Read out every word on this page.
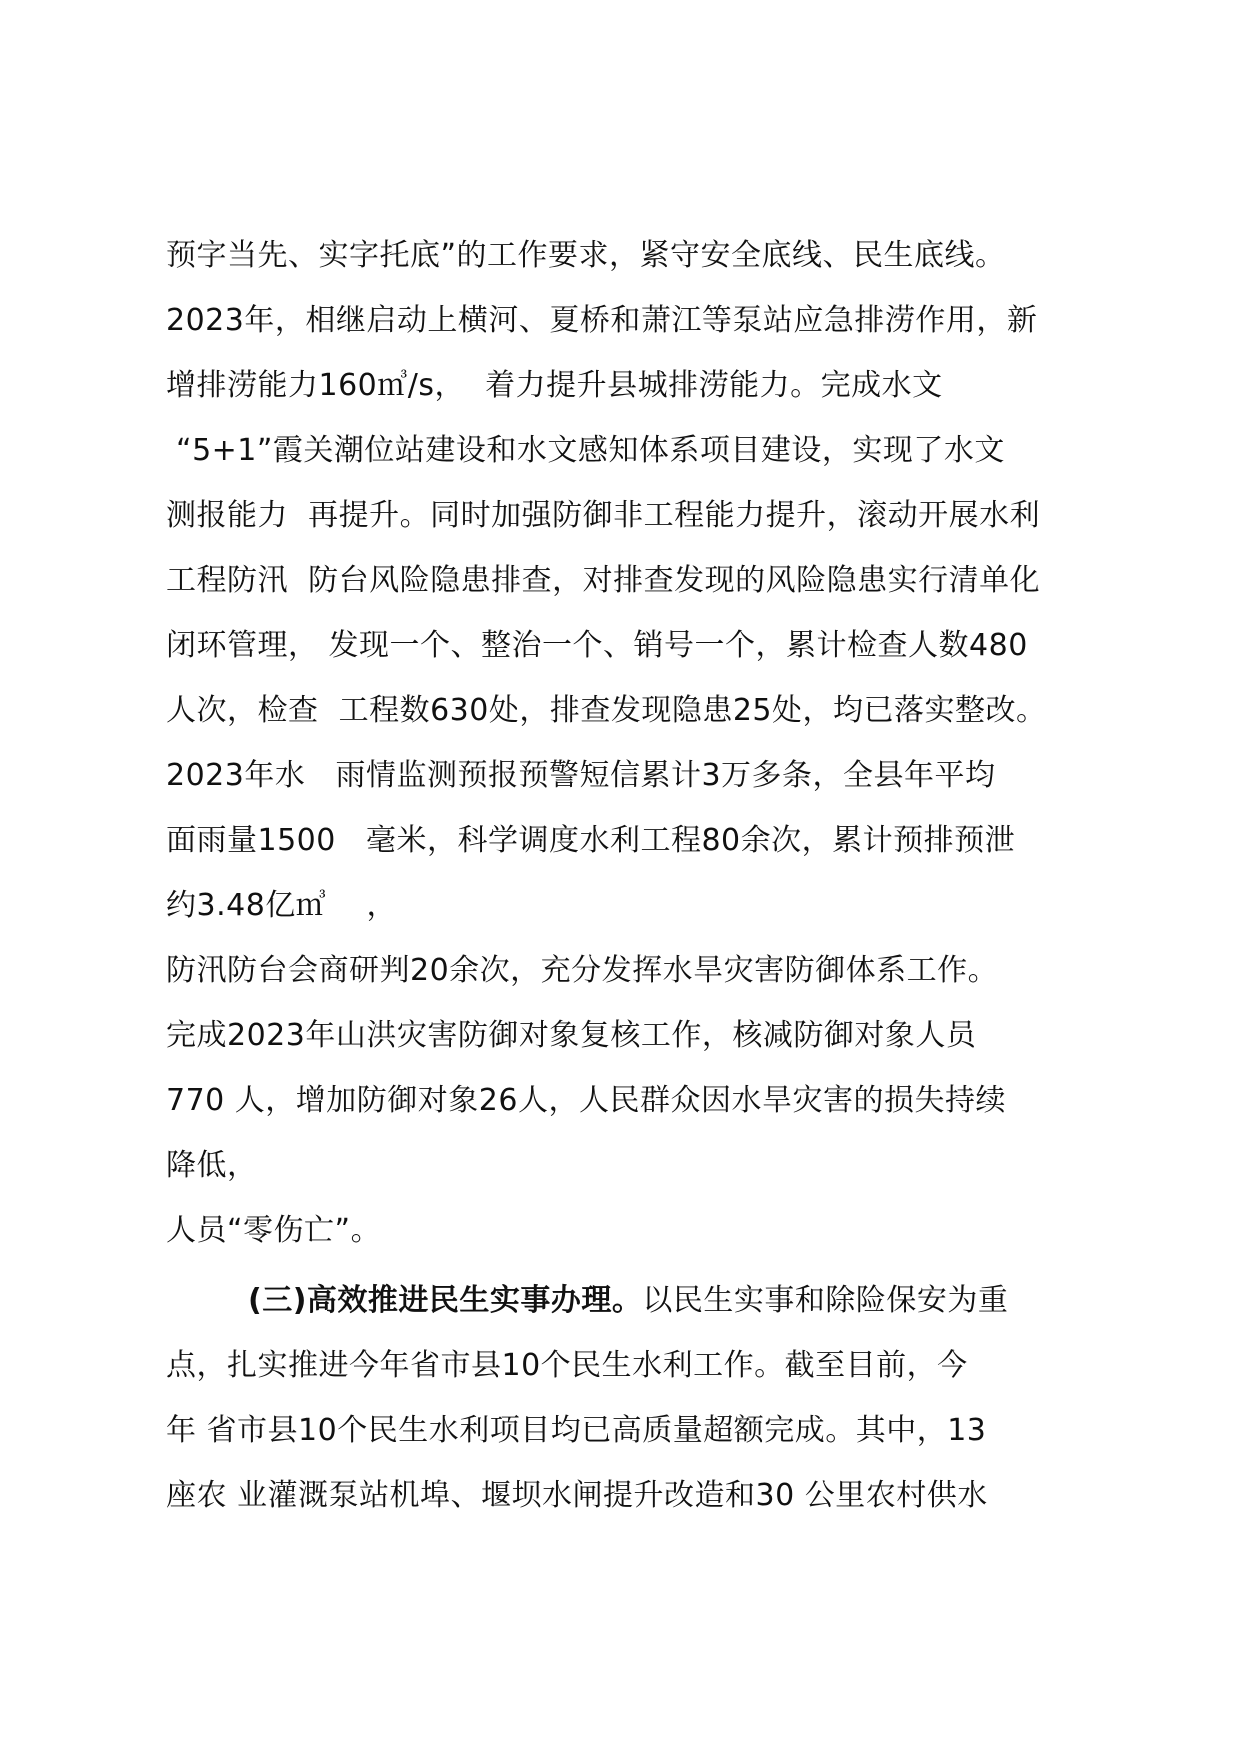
预字当先、实字托底”的工作要求，紧守安全底线、民生底线。
2023年，相继启动上横河、夏桥和萧江等泵站应急排涝作用，新
增排涝能力160㎥/s，  着力提升县城排涝能力。完成水文
“5+1”霞关潮位站建设和水文感知体系项目建设，实现了水文
测报能力  再提升。同时加强防御非工程能力提升，滚动开展水利
工程防汛  防台风险隐患排查，对排查发现的风险隐患实行清单化
闭环管理， 发现一个、整治一个、销号一个，累计检查人数480
人次，检查  工程数630处，排查发现隐患25处，均已落实整改。
2023年水   雨情监测预报预警短信累计3万多条，全县年平均
面雨量1500   毫米，科学调度水利工程80余次，累计预排预泄
约3.48亿㎥    ，
防汛防台会商研判20余次，充分发挥水旱灾害防御体系工作。
完成2023年山洪灾害防御对象复核工作，核减防御对象人员
770 人，增加防御对象26人，人民群众因水旱灾害的损失持续
降低，
人员“零伤亡”。
(三)高效推进民生实事办理。以民生实事和除险保安为重
点，扎实推进今年省市县10个民生水利工作。截至目前，今
年 省市县10个民生水利项目均已高质量超额完成。其中，13
座农 业灌溉泵站机埠、堰坝水闸提升改造和30 公里农村供水
